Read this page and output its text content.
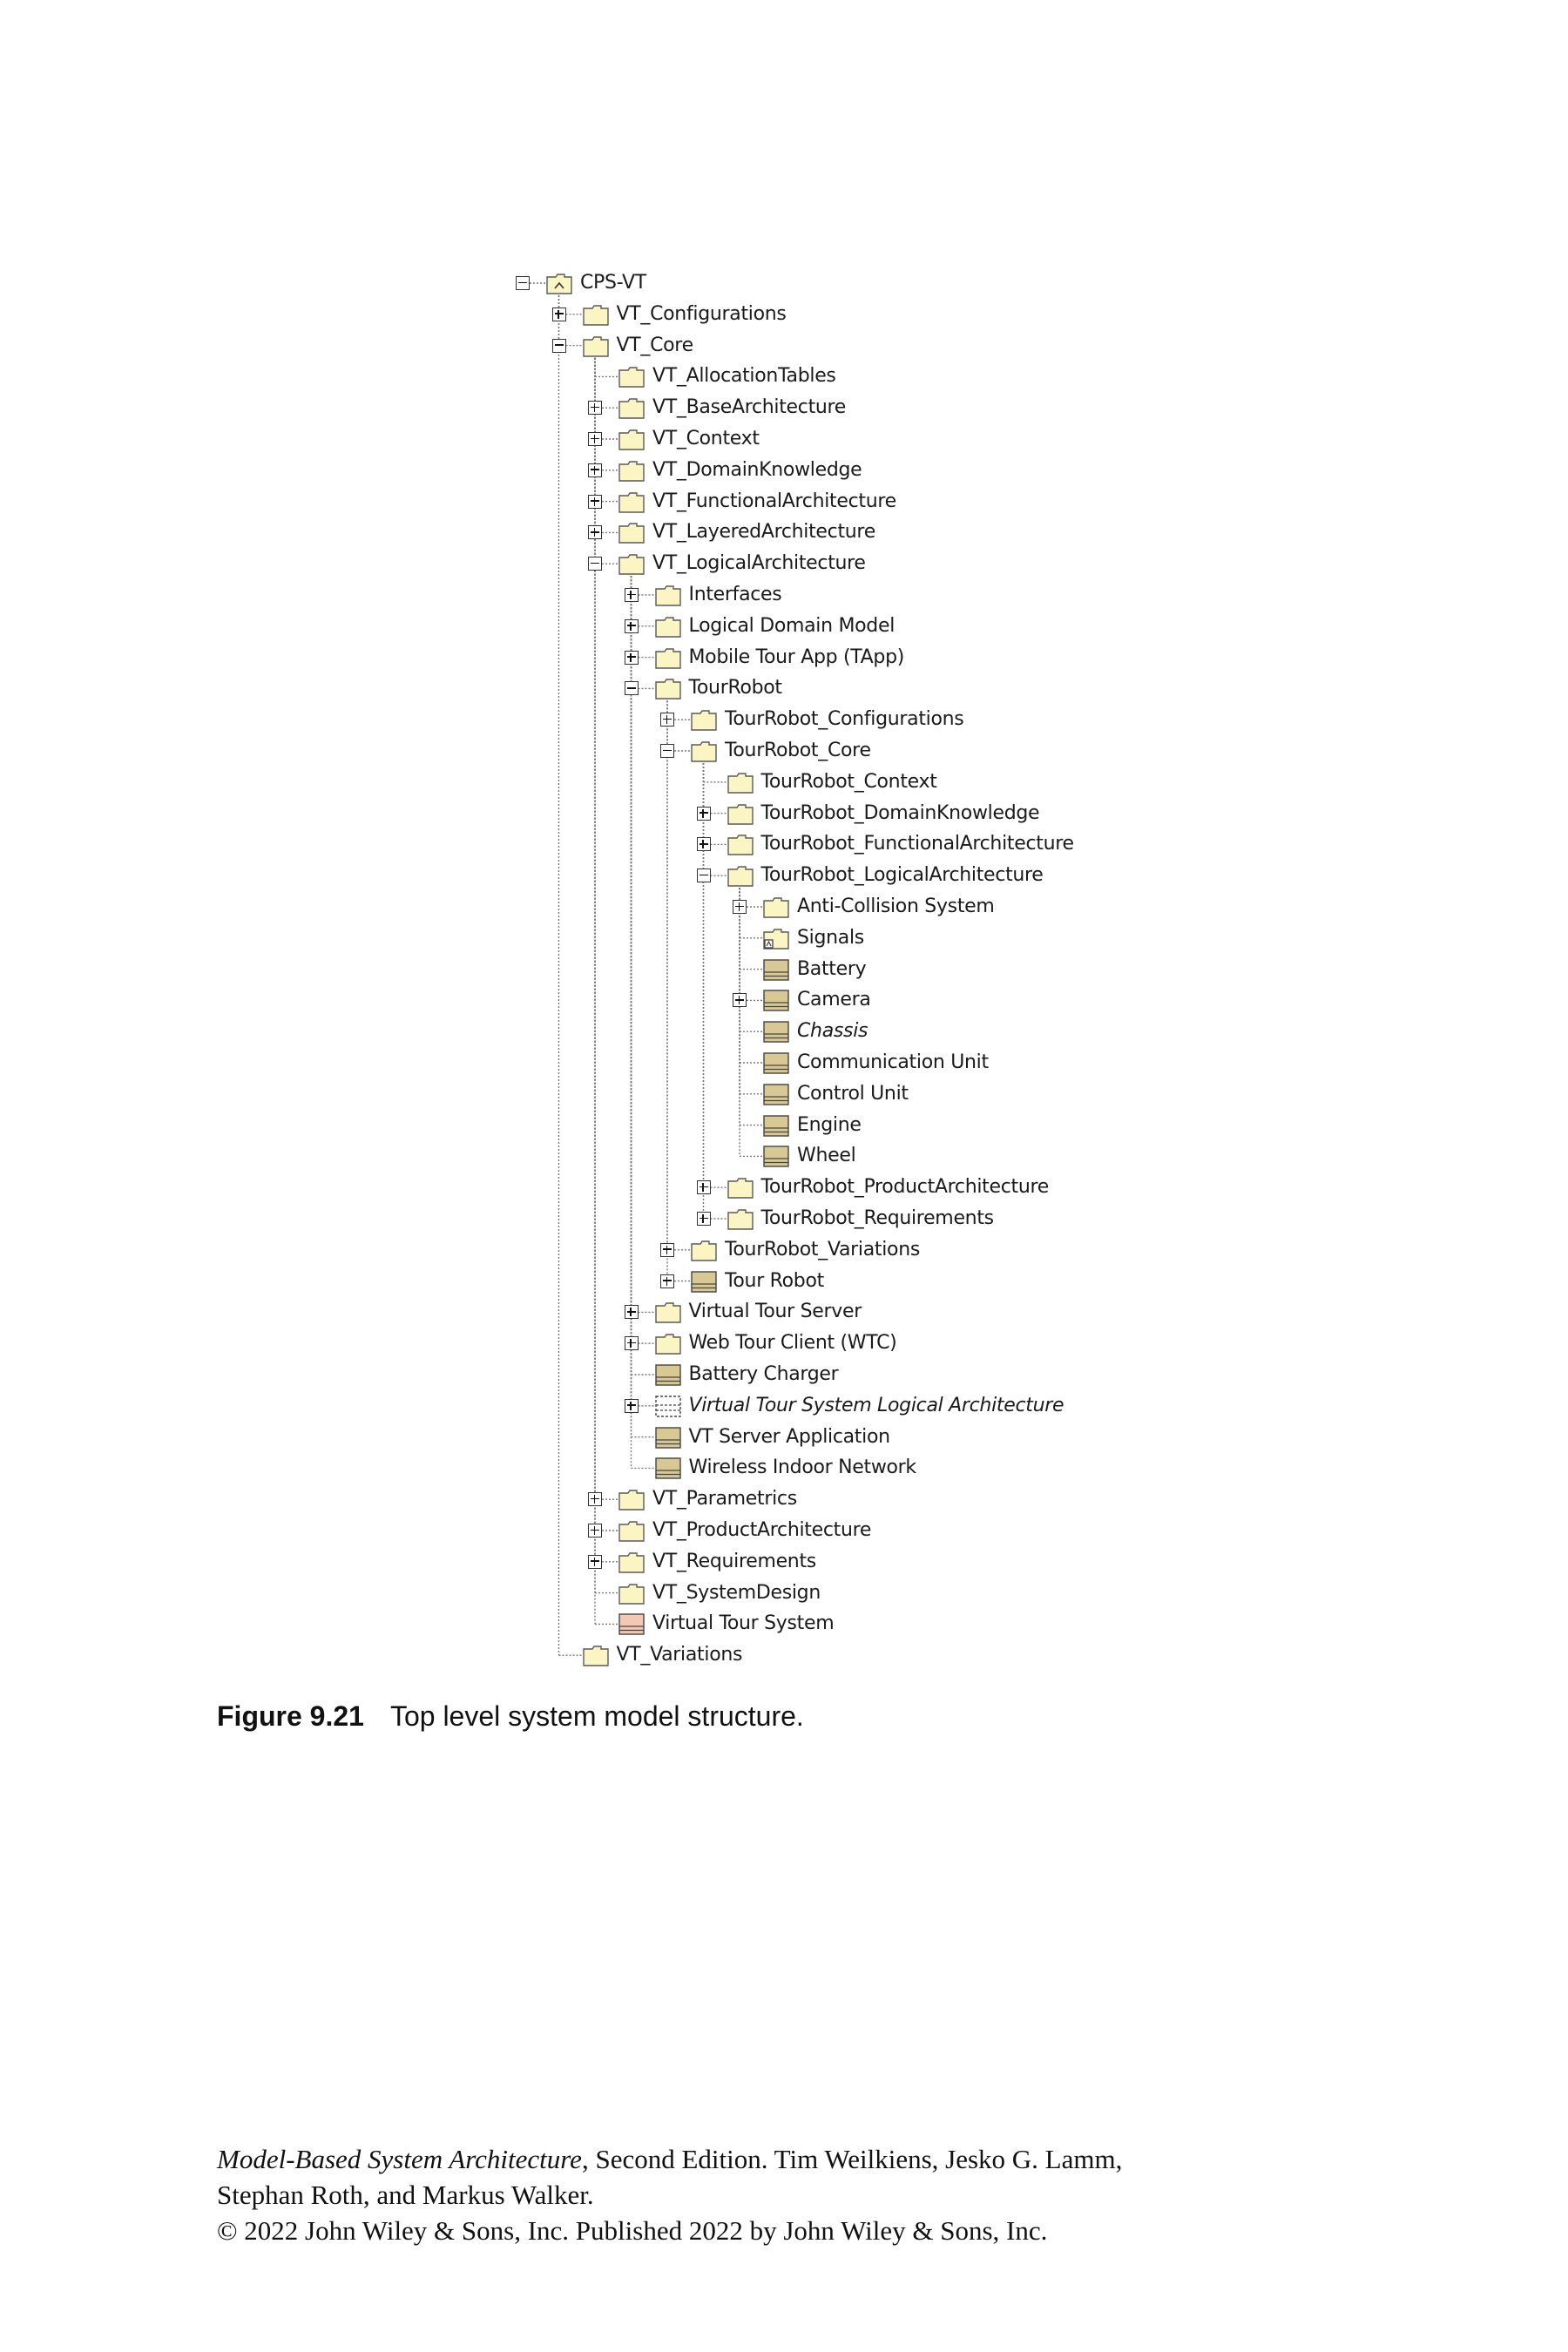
CPS-VT
VT_Configurations
VT_Core
VT_AllocationTables
VT_BaseArchitecture
VT_Context
VT_DomainKnowledge
VT_FunctionalArchitecture
VT_LayeredArchitecture
VT_LogicalArchitecture
Interfaces
Logical Domain Model
Mobile Tour App (TApp)
TourRobot
TourRobot_Configurations
TourRobot_Core
TourRobot_Context
TourRobot_DomainKnowledge
TourRobot_FunctionalArchitecture
TourRobot_LogicalArchitecture
Anti-Collision System
Signals
Battery
Camera
Chassis
Communication Unit
Control Unit
Engine
Wheel
TourRobot_ProductArchitecture
TourRobot_Requirements
TourRobot_Variations
Tour Robot
Virtual Tour Server
Web Tour Client (WTC)
Battery Charger
Virtual Tour System Logical Architecture
VT Server Application
Wireless Indoor Network
VT_Parametrics
VT_ProductArchitecture
VT_Requirements
VT_SystemDesign
Virtual Tour System
VT_Variations
Figure 9.21 Top level system model structure.
Model-Based System Architecture, Second Edition. Tim Weilkiens, Jesko G. Lamm,
Stephan Roth, and Markus Walker.
© 2022 John Wiley & Sons, Inc. Published 2022 by John Wiley & Sons, Inc.
